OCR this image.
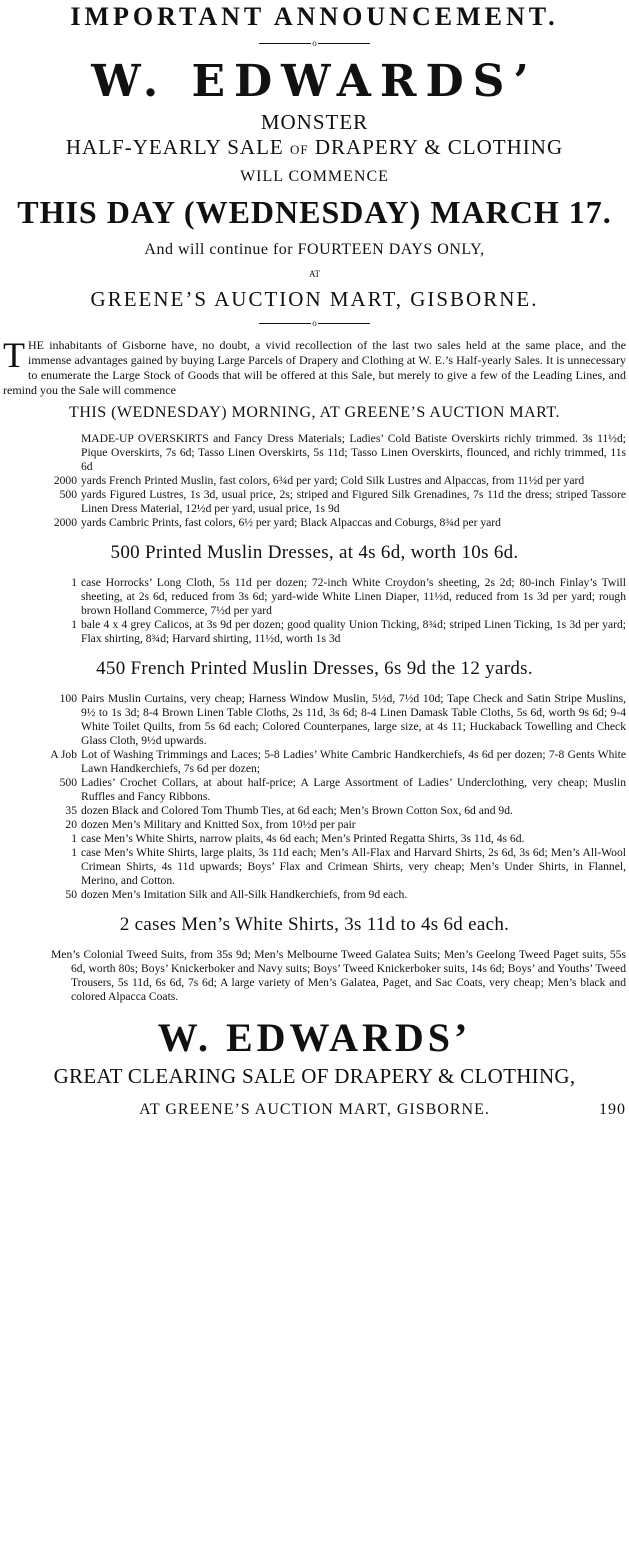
IMPORTANT ANNOUNCEMENT.
o
W. EDWARDS’
MONSTER
HALF-YEARLY SALE OF DRAPERY & CLOTHING
WILL COMMENCE
THIS DAY (WEDNESDAY) MARCH 17.
And will continue for FOURTEEN DAYS ONLY,
AT
GREENE’S AUCTION MART, GISBORNE.
o
T HE inhabitants of Gisborne have, no doubt, a vivid recollection of the last two sales held at the same place, and the immense advantages gained by buying Large Parcels of Drapery and Clothing at W. E.’s Half-yearly Sales. It is unnecessary to enumerate the Large Stock of Goods that will be offered at this Sale, but merely to give a few of the Leading Lines, and remind you the Sale will commence
THIS (WEDNESDAY) MORNING, AT GREENE’S AUCTION MART.

MADE-UP OVERSKIRTS and Fancy Dress Materials; Ladies’ Cold Batiste Overskirts richly trimmed. 3s 11½d; Pique Overskirts, 7s 6d; Tasso Linen Overskirts, 5s 11d; Tasso Linen Overskirts, flounced, and richly trimmed, 11s 6d

2000 yards French Printed Muslin, fast colors, 6¾d per yard; Cold Silk Lustres and Alpaccas, from 11½d per yard

500 yards Figured Lustres, 1s 3d, usual price, 2s; striped and Figured Silk Grenadines, 7s 11d the dress; striped Tassore Linen Dress Material, 12½d per yard, usual price, 1s 9d

2000 yards Cambric Prints, fast colors, 6½ per yard; Black Alpaccas and Coburgs, 8¾d per yard

500 Printed Muslin Dresses, at 4s 6d, worth 10s 6d.

1 case Horrocks’ Long Cloth, 5s 11d per dozen; 72-inch White Croydon’s sheeting, 2s 2d; 80-inch Finlay’s Twill sheeting, at 2s 6d, reduced from 3s 6d; yard-wide White Linen Diaper, 11½d, reduced from 1s 3d per yard; rough brown Holland Commerce, 7½d per yard

1 bale 4 x 4 grey Calicos, at 3s 9d per dozen; good quality Union Ticking, 8¾d; striped Linen Ticking, 1s 3d per yard; Flax shirting, 8¾d; Harvard shirting, 11½d, worth 1s 3d

450 French Printed Muslin Dresses, 6s 9d the 12 yards.

100 Pairs Muslin Curtains, very cheap; Harness Window Muslin, 5½d, 7½d 10d; Tape Check and Satin Stripe Muslins, 9½ to 1s 3d; 8-4 Brown Linen Table Cloths, 2s 11d, 3s 6d; 8-4 Linen Damask Table Cloths, 5s 6d, worth 9s 6d; 9-4 White Toilet Quilts, from 5s 6d each; Colored Counterpanes, large size, at 4s 11; Huckaback Towelling and Check Glass Cloth, 9½d upwards.

A Job Lot of Washing Trimmings and Laces; 5-8 Ladies’ White Cambric Handkerchiefs, 4s 6d per dozen; 7-8 Gents White Lawn Handkerchiefs, 7s 6d per dozen;

500 Ladies’ Crochet Collars, at about half-price; A Large Assortment of Ladies’ Underclothing, very cheap; Muslin Ruffles and Fancy Ribbons.

35 dozen Black and Colored Tom Thumb Ties, at 6d each; Men’s Brown Cotton Sox, 6d and 9d.

20 dozen Men’s Military and Knitted Sox, from 10½d per pair

1 case Men’s White Shirts, narrow plaits, 4s 6d each; Men’s Printed Regatta Shirts, 3s 11d, 4s 6d.

1 case Men’s White Shirts, large plaits, 3s 11d each; Men’s All-Flax and Harvard Shirts, 2s 6d, 3s 6d; Men’s All-Wool Crimean Shirts, 4s 11d upwards; Boys’ Flax and Crimean Shirts, very cheap; Men’s Under Shirts, in Flannel, Merino, and Cotton.

50 dozen Men’s Imitation Silk and All-Silk Handkerchiefs, from 9d each.

2 cases Men’s White Shirts, 3s 11d to 4s 6d each.

Men’s Colonial Tweed Suits, from 35s 9d; Men’s Melbourne Tweed Galatea Suits; Men’s Geelong Tweed Paget suits, 55s 6d, worth 80s; Boys’ Knickerboker and Navy suits; Boys’ Tweed Knickerboker suits, 14s 6d; Boys’ and Youths’ Tweed Trousers, 5s 11d, 6s 6d, 7s 6d; A large variety of Men’s Galatea, Paget, and Sac Coats, very cheap; Men’s black and colored Alpacca Coats.

W. EDWARDS’
GREAT CLEARING SALE OF DRAPERY & CLOTHING,
AT GREENE’S AUCTION MART, GISBORNE.	190
